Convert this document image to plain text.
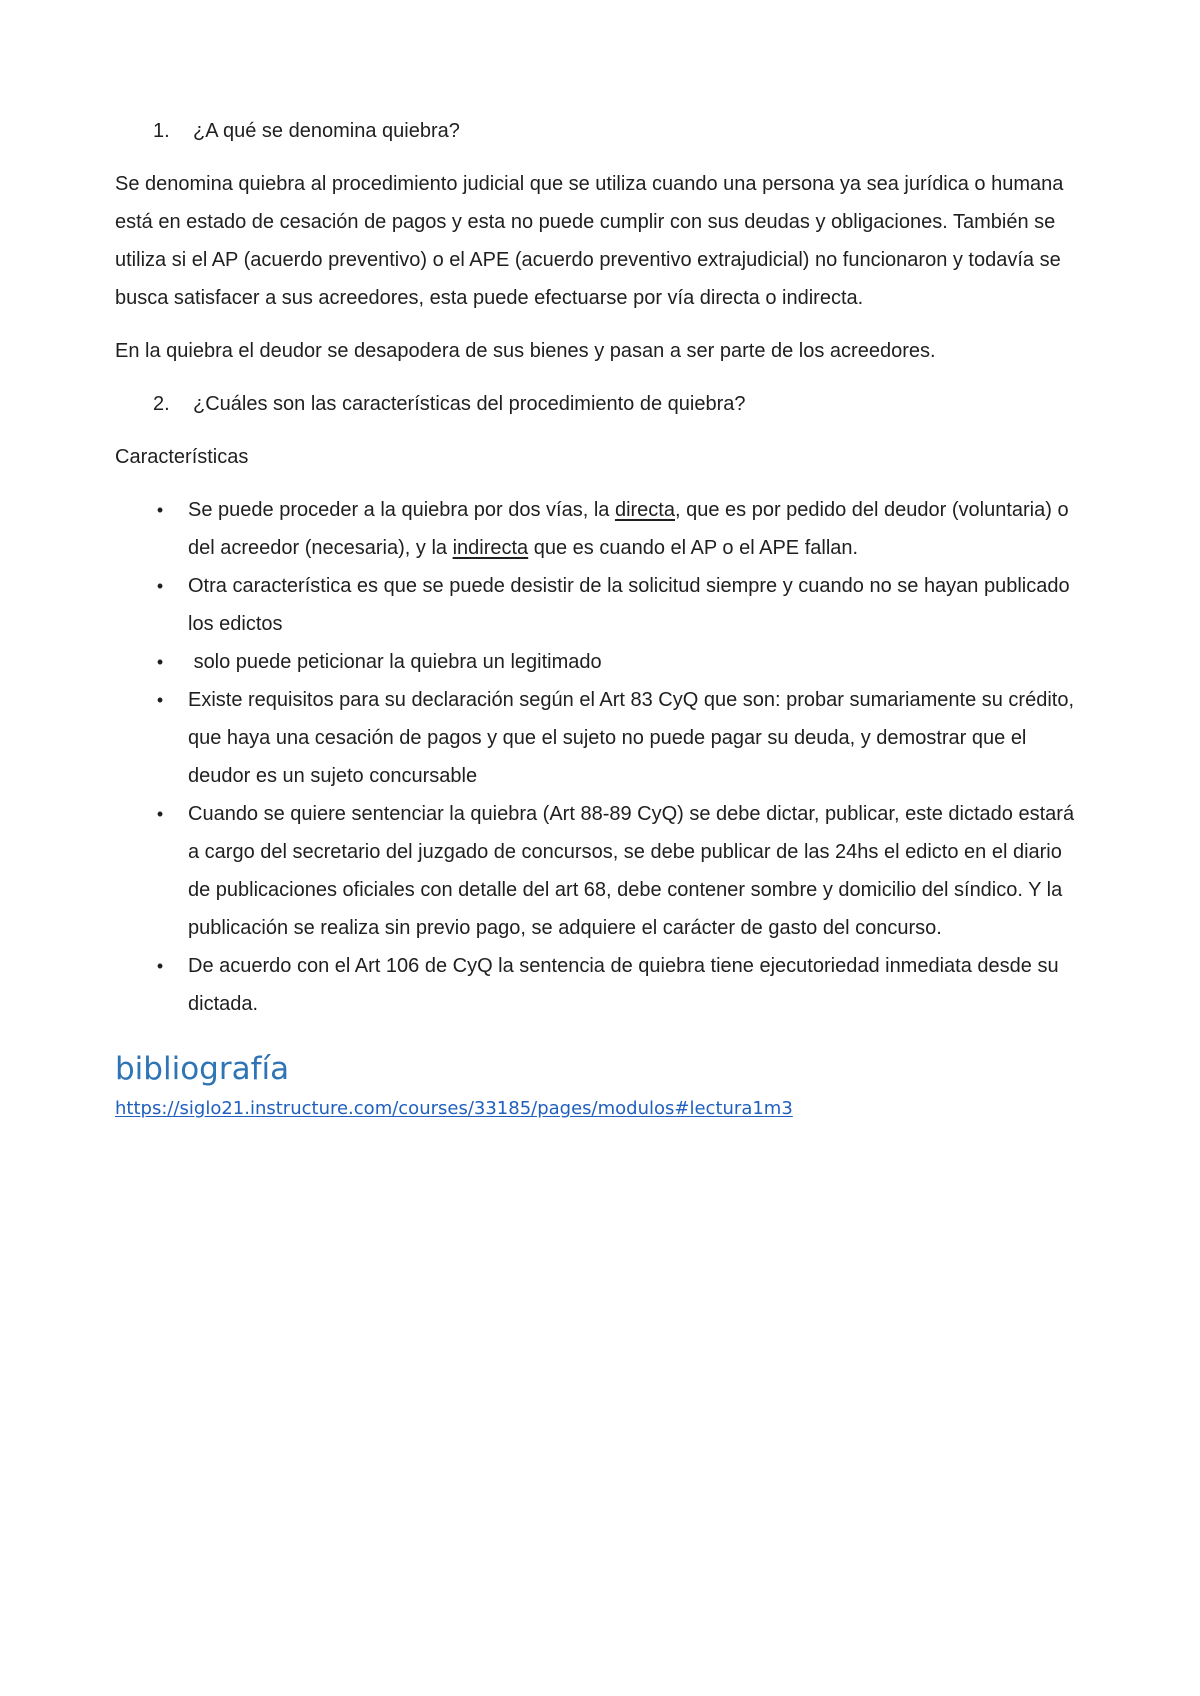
1.	¿A qué se denomina quiebra?

Se denomina quiebra al procedimiento judicial que se utiliza cuando una persona ya sea jurídica o humana está en estado de cesación de pagos y esta no puede cumplir con sus deudas y obligaciones. También se utiliza si el AP (acuerdo preventivo) o el APE (acuerdo preventivo extrajudicial) no funcionaron y todavía se busca satisfacer a sus acreedores, esta puede efectuarse por vía directa o indirecta.

En la quiebra el deudor se desapodera de sus bienes y pasan a ser parte de los acreedores.

2.	¿Cuáles son las características del procedimiento de quiebra?

Características

• Se puede proceder a la quiebra por dos vías, la directa, que es por pedido del deudor (voluntaria) o del acreedor (necesaria), y la indirecta que es cuando el AP o el APE fallan.
• Otra característica es que se puede desistir de la solicitud siempre y cuando no se hayan publicado los edictos
• solo puede peticionar la quiebra un legitimado
• Existe requisitos para su declaración según el Art 83 CyQ que son: probar sumariamente su crédito, que haya una cesación de pagos y que el sujeto no puede pagar su deuda, y demostrar que el deudor es un sujeto concursable
• Cuando se quiere sentenciar la quiebra (Art 88-89 CyQ) se debe dictar, publicar, este dictado estará a cargo del secretario del juzgado de concursos, se debe publicar de las 24hs el edicto en el diario de publicaciones oficiales con detalle del art 68, debe contener sombre y domicilio del síndico. Y la publicación se realiza sin previo pago, se adquiere el carácter de gasto del concurso.
• De acuerdo con el Art 106 de CyQ la sentencia de quiebra tiene ejecutoriedad inmediata desde su dictada.
bibliografía
https://siglo21.instructure.com/courses/33185/pages/modulos#lectura1m3
